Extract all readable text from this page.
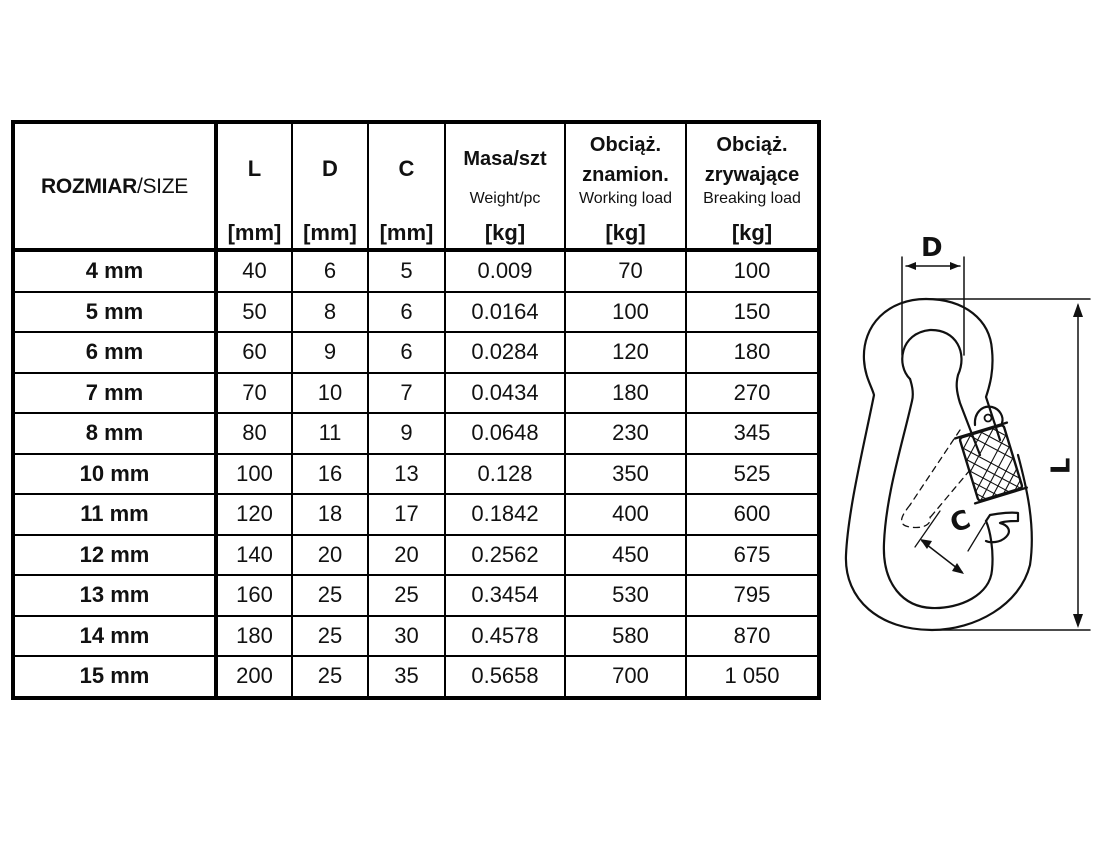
ROZMIAR/SIZE

L
[mm]

D
[mm]

C
[mm]

Masa/szt
Weight/pc
[kg]

Obciąż.
znamion.
Working load
[kg]

Obciąż.
zrywające
Breaking load
[kg]

4 mm	40	6	5	0.009	70	100
5 mm	50	8	6	0.0164	100	150
6 mm	60	9	6	0.0284	120	180
7 mm	70	10	7	0.0434	180	270
8 mm	80	11	9	0.0648	230	345
10 mm	100	16	13	0.128	350	525
11 mm	120	18	17	0.1842	400	600
12 mm	140	20	20	0.2562	450	675
13 mm	160	25	25	0.3454	530	795
14 mm	180	25	30	0.4578	580	870
15 mm	200	25	35	0.5658	700	1 050
D
L
C
